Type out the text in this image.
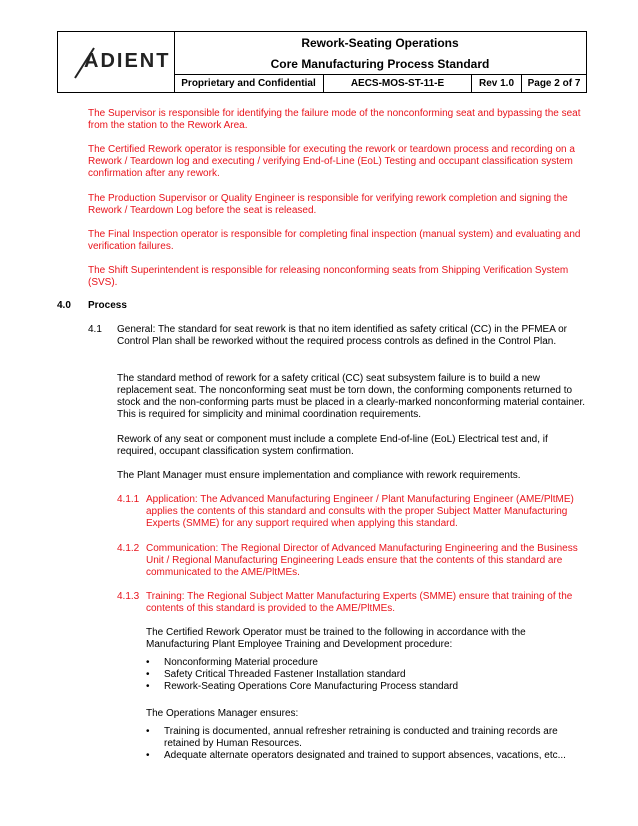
ADIENT
Rework-Seating Operations
Core Manufacturing Process Standard
Proprietary and Confidential	AECS-MOS-ST-11-E	Rev 1.0	Page 2 of 7

The Supervisor is responsible for identifying the failure mode of the nonconforming seat and bypassing the seat from the station to the Rework Area.

The Certified Rework operator is responsible for executing the rework or teardown process and recording on a Rework / Teardown log and executing / verifying End-of-Line (EoL) Testing and occupant classification system confirmation after any rework.

The Production Supervisor or Quality Engineer is responsible for verifying rework completion and signing the Rework / Teardown Log before the seat is released.

The Final Inspection operator is responsible for completing final inspection (manual system) and evaluating and verification failures.

The Shift Superintendent is responsible for releasing nonconforming seats from Shipping Verification System (SVS).

4.0 Process

4.1 General: The standard for seat rework is that no item identified as safety critical (CC) in the PFMEA or Control Plan shall be reworked without the required process controls as defined in the Control Plan.

The standard method of rework for a safety critical (CC) seat subsystem failure is to build a new replacement seat. The nonconforming seat must be torn down, the conforming components returned to stock and the non-conforming parts must be placed in a clearly-marked nonconforming material container. This is required for simplicity and minimal coordination requirements.

Rework of any seat or component must include a complete End-of-line (EoL) Electrical test and, if required, occupant classification system confirmation.

The Plant Manager must ensure implementation and compliance with rework requirements.

4.1.1 Application: The Advanced Manufacturing Engineer / Plant Manufacturing Engineer (AME/PltME) applies the contents of this standard and consults with the proper Subject Matter Manufacturing Experts (SMME) for any support required when applying this standard.

4.1.2 Communication: The Regional Director of Advanced Manufacturing Engineering and the Business Unit / Regional Manufacturing Engineering Leads ensure that the contents of this standard are communicated to the AME/PltMEs.

4.1.3 Training: The Regional Subject Matter Manufacturing Experts (SMME) ensure that training of the contents of this standard is provided to the AME/PltMEs.

The Certified Rework Operator must be trained to the following in accordance with the Manufacturing Plant Employee Training and Development procedure:

• Nonconforming Material procedure
• Safety Critical Threaded Fastener Installation standard
• Rework-Seating Operations Core Manufacturing Process standard

The Operations Manager ensures:

• Training is documented, annual refresher retraining is conducted and training records are retained by Human Resources.
• Adequate alternate operators designated and trained to support absences, vacations, etc...
